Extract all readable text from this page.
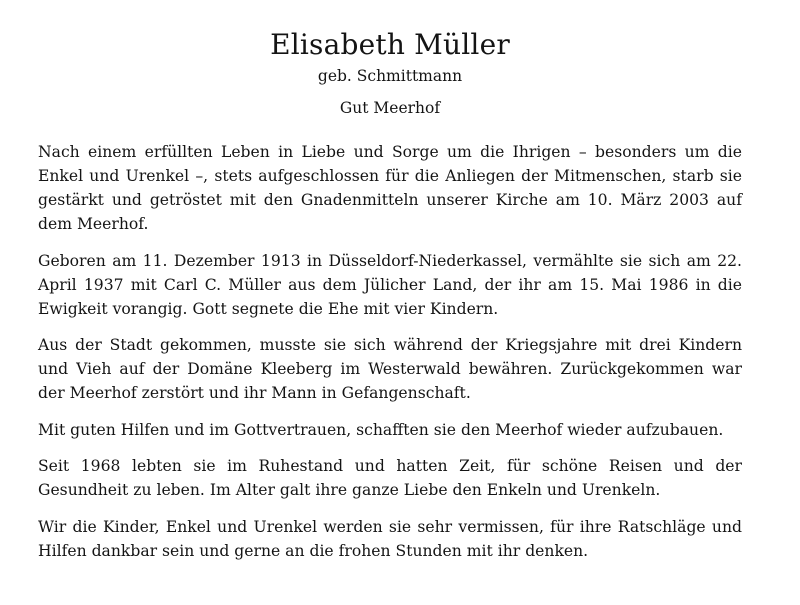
Elisabeth Müller
geb. Schmittmann
Gut Meerhof

Nach einem erfüllten Leben in Liebe und Sorge um die Ihrigen – besonders um die Enkel und Urenkel –, stets aufgeschlossen für die Anliegen der Mitmenschen, starb sie gestärkt und getröstet mit den Gnadenmitteln unserer Kirche am 10. März 2003 auf dem Meerhof.

Geboren am 11. Dezember 1913 in Düsseldorf-Niederkassel, vermählte sie sich am 22. April 1937 mit Carl C. Müller aus dem Jülicher Land, der ihr am 15. Mai 1986 in die Ewigkeit vorangig. Gott segnete die Ehe mit vier Kindern.

Aus der Stadt gekommen, musste sie sich während der Kriegsjahre mit drei Kindern und Vieh auf der Domäne Kleeberg im Westerwald bewähren. Zurückgekommen war der Meerhof zerstört und ihr Mann in Gefangenschaft.

Mit guten Hilfen und im Gottvertrauen, schafften sie den Meerhof wieder aufzubauen.

Seit 1968 lebten sie im Ruhestand und hatten Zeit, für schöne Reisen und der Gesundheit zu leben. Im Alter galt ihre ganze Liebe den Enkeln und Urenkeln.

Wir die Kinder, Enkel und Urenkel werden sie sehr vermissen, für ihre Ratschläge und Hilfen dankbar sein und gerne an die frohen Stunden mit ihr denken.
